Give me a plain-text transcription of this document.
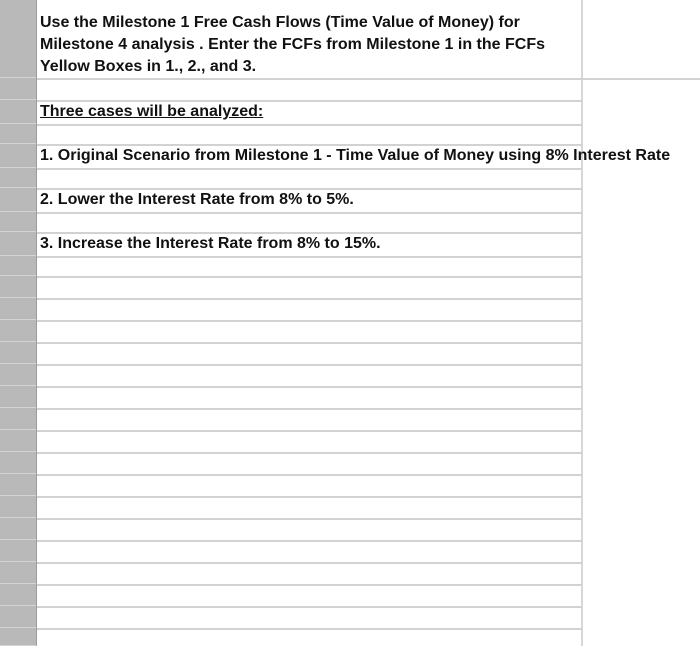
Use the Milestone 1 Free Cash Flows (Time Value of Money) for
Milestone 4 analysis . Enter the FCFs from Milestone 1 in the FCFs
Yellow Boxes in 1., 2., and 3.
Three cases will be analyzed:
1. Original Scenario from Milestone 1 - Time Value of Money using 8% Interest Rate
2. Lower the Interest Rate from 8% to 5%.
3. Increase the Interest Rate from 8% to 15%.
